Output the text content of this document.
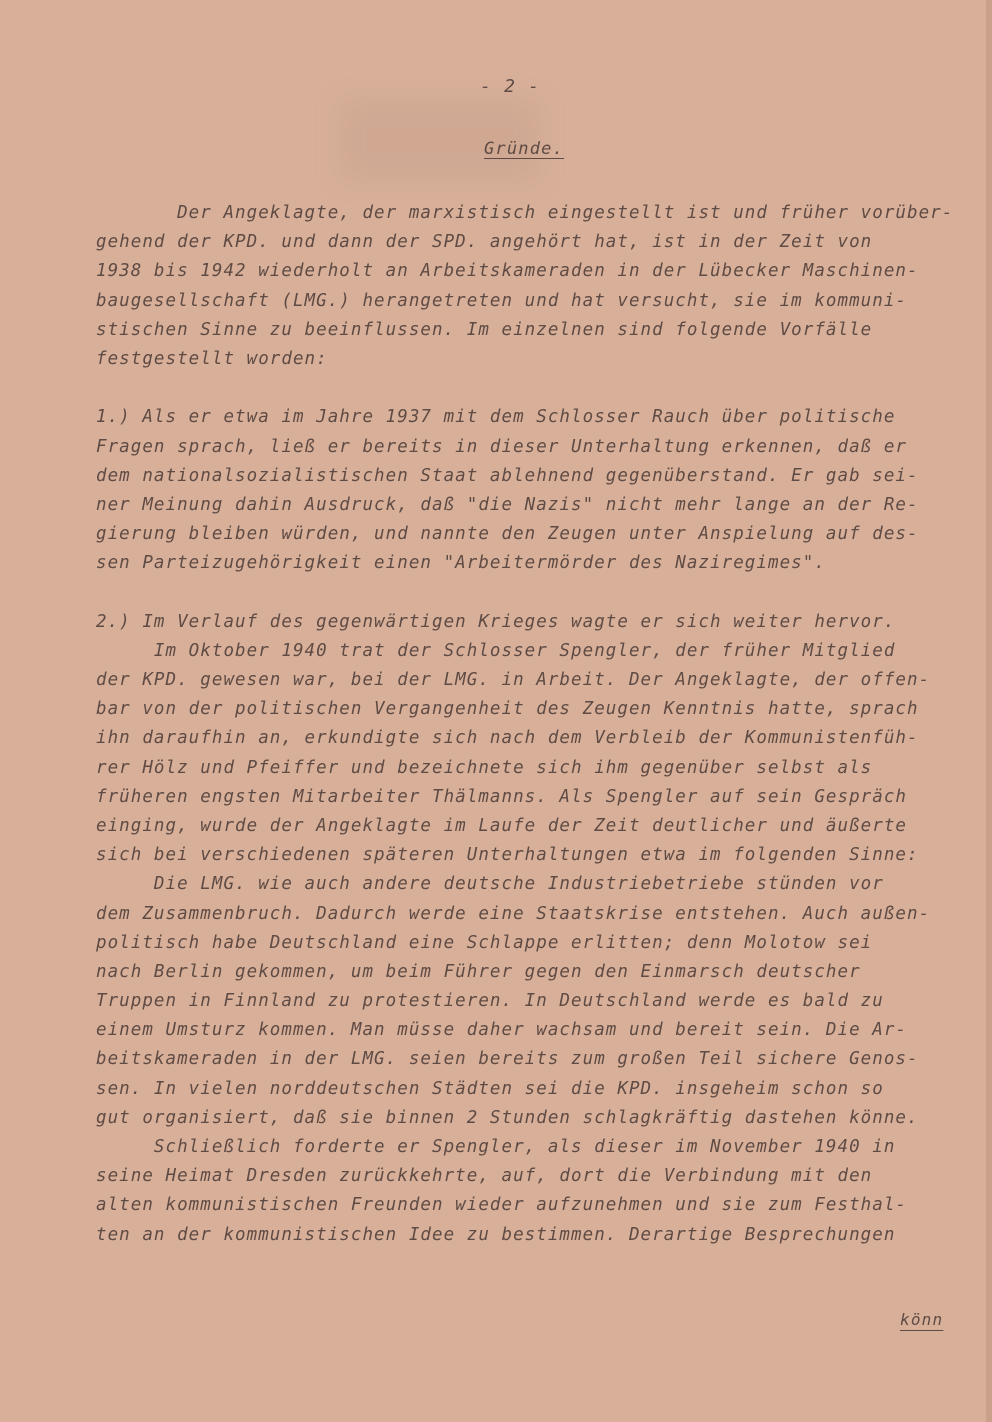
- 2 -
Gründe.
Der Angeklagte, der marxistisch eingestellt ist und früher vorüber-
gehend der KPD. und dann der SPD. angehört hat, ist in der Zeit von
1938 bis 1942 wiederholt an Arbeitskameraden in der Lübecker Maschinen-
baugesellschaft (LMG.) herangetreten und hat versucht, sie im kommuni-
stischen Sinne zu beeinflussen. Im einzelnen sind folgende Vorfälle
festgestellt worden:
1.) Als er etwa im Jahre 1937 mit dem Schlosser Rauch über politische
Fragen sprach, ließ er bereits in dieser Unterhaltung erkennen, daß er
dem nationalsozialistischen Staat ablehnend gegenüberstand. Er gab sei-
ner Meinung dahin Ausdruck, daß "die Nazis" nicht mehr lange an der Re-
gierung bleiben würden, und nannte den Zeugen unter Anspielung auf des-
sen Parteizugehörigkeit einen "Arbeitermörder des Naziregimes".
2.) Im Verlauf des gegenwärtigen Krieges wagte er sich weiter hervor.
Im Oktober 1940 trat der Schlosser Spengler, der früher Mitglied
der KPD. gewesen war, bei der LMG. in Arbeit. Der Angeklagte, der offen-
bar von der politischen Vergangenheit des Zeugen Kenntnis hatte, sprach
ihn daraufhin an, erkundigte sich nach dem Verbleib der Kommunistenfüh-
rer Hölz und Pfeiffer und bezeichnete sich ihm gegenüber selbst als
früheren engsten Mitarbeiter Thälmanns. Als Spengler auf sein Gespräch
einging, wurde der Angeklagte im Laufe der Zeit deutlicher und äußerte
sich bei verschiedenen späteren Unterhaltungen etwa im folgenden Sinne:
Die LMG. wie auch andere deutsche Industriebetriebe stünden vor
dem Zusammenbruch. Dadurch werde eine Staatskrise entstehen. Auch außen-
politisch habe Deutschland eine Schlappe erlitten; denn Molotow sei
nach Berlin gekommen, um beim Führer gegen den Einmarsch deutscher
Truppen in Finnland zu protestieren. In Deutschland werde es bald zu
einem Umsturz kommen. Man müsse daher wachsam und bereit sein. Die Ar-
beitskameraden in der LMG. seien bereits zum großen Teil sichere Genos-
sen. In vielen norddeutschen Städten sei die KPD. insgeheim schon so
gut organisiert, daß sie binnen 2 Stunden schlagkräftig dastehen könne.
Schließlich forderte er Spengler, als dieser im November 1940 in
seine Heimat Dresden zurückkehrte, auf, dort die Verbindung mit den
alten kommunistischen Freunden wieder aufzunehmen und sie zum Festhal-
ten an der kommunistischen Idee zu bestimmen. Derartige Besprechungen
könn
